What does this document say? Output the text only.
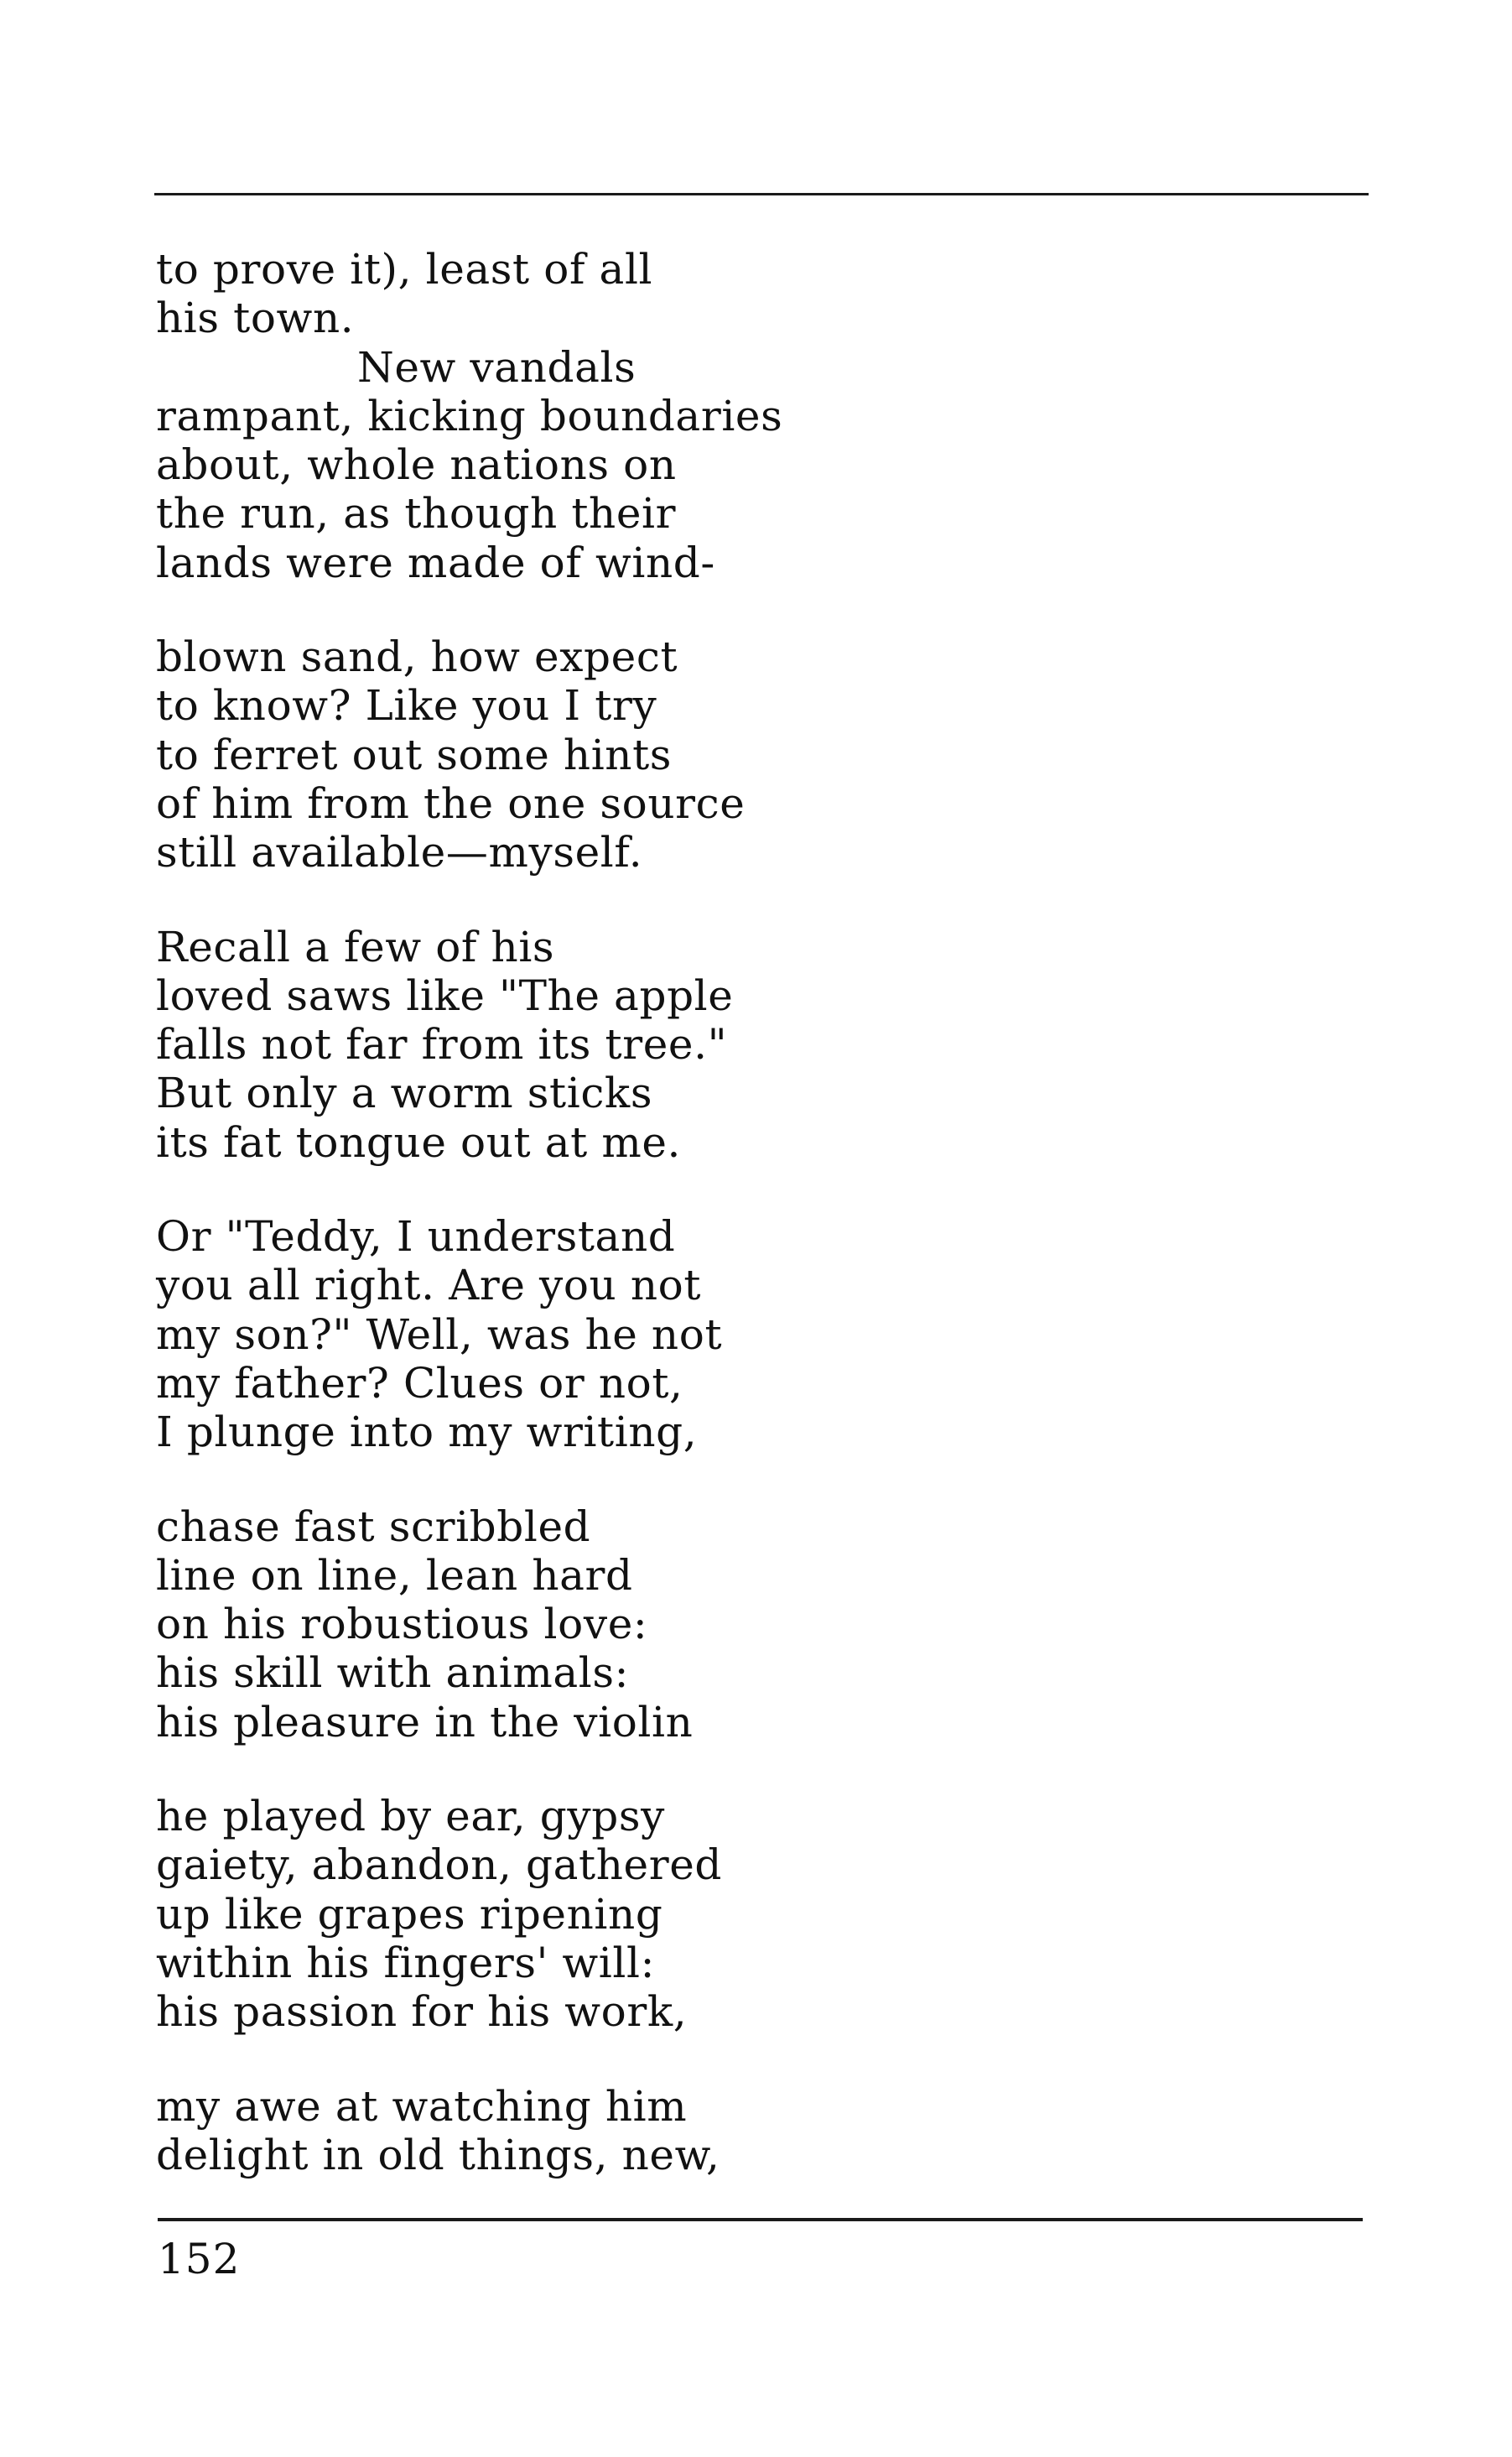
to prove it), least of all
his town.
New vandals
rampant, kicking boundaries
about, whole nations on
the run, as though their
lands were made of wind-
blown sand, how expect
to know? Like you I try
to ferret out some hints
of him from the one source
still available—myself.
Recall a few of his
loved saws like "The apple
falls not far from its tree."
But only a worm sticks
its fat tongue out at me.
Or "Teddy, I understand
you all right. Are you not
my son?" Well, was he not
my father? Clues or not,
I plunge into my writing,
chase fast scribbled
line on line, lean hard
on his robustious love:
his skill with animals:
his pleasure in the violin
he played by ear, gypsy
gaiety, abandon, gathered
up like grapes ripening
within his fingers' will:
his passion for his work,
my awe at watching him
delight in old things, new,
152
